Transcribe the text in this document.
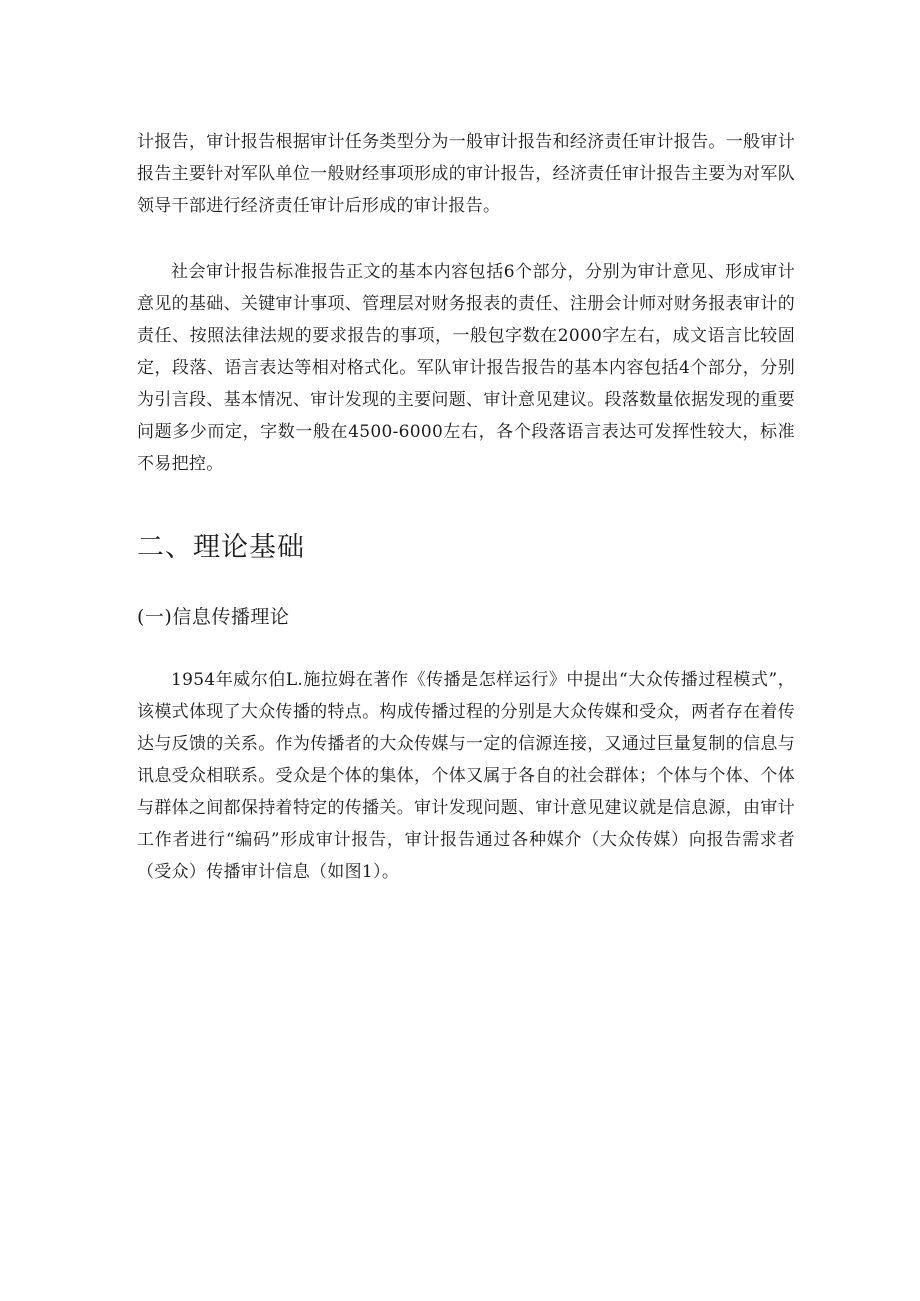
计报告，审计报告根据审计任务类型分为一般审计报告和经济责任审计报告。一般审计报告主要针对军队单位一般财经事项形成的审计报告，经济责任审计报告主要为对军队领导干部进行经济责任审计后形成的审计报告。

社会审计报告标准报告正文的基本内容包括6个部分，分别为审计意见、形成审计意见的基础、关键审计事项、管理层对财务报表的责任、注册会计师对财务报表审计的责任、按照法律法规的要求报告的事项，一般包字数在2000字左右，成文语言比较固定，段落、语言表达等相对格式化。军队审计报告报告的基本内容包括4个部分，分别为引言段、基本情况、审计发现的主要问题、审计意见建议。段落数量依据发现的重要问题多少而定，字数一般在4500-6000左右，各个段落语言表达可发挥性较大，标准不易把控。

二、理论基础
(一)信息传播理论

1954年威尔伯L.施拉姆在著作《传播是怎样运行》中提出“大众传播过程模式”，该模式体现了大众传播的特点。构成传播过程的分别是大众传媒和受众，两者存在着传达与反馈的关系。作为传播者的大众传媒与一定的信源连接，又通过巨量复制的信息与讯息受众相联系。受众是个体的集体，个体又属于各自的社会群体；个体与个体、个体与群体之间都保持着特定的传播关。审计发现问题、审计意见建议就是信息源，由审计工作者进行“编码”形成审计报告，审计报告通过各种媒介（大众传媒）向报告需求者（受众）传播审计信息（如图1）。
